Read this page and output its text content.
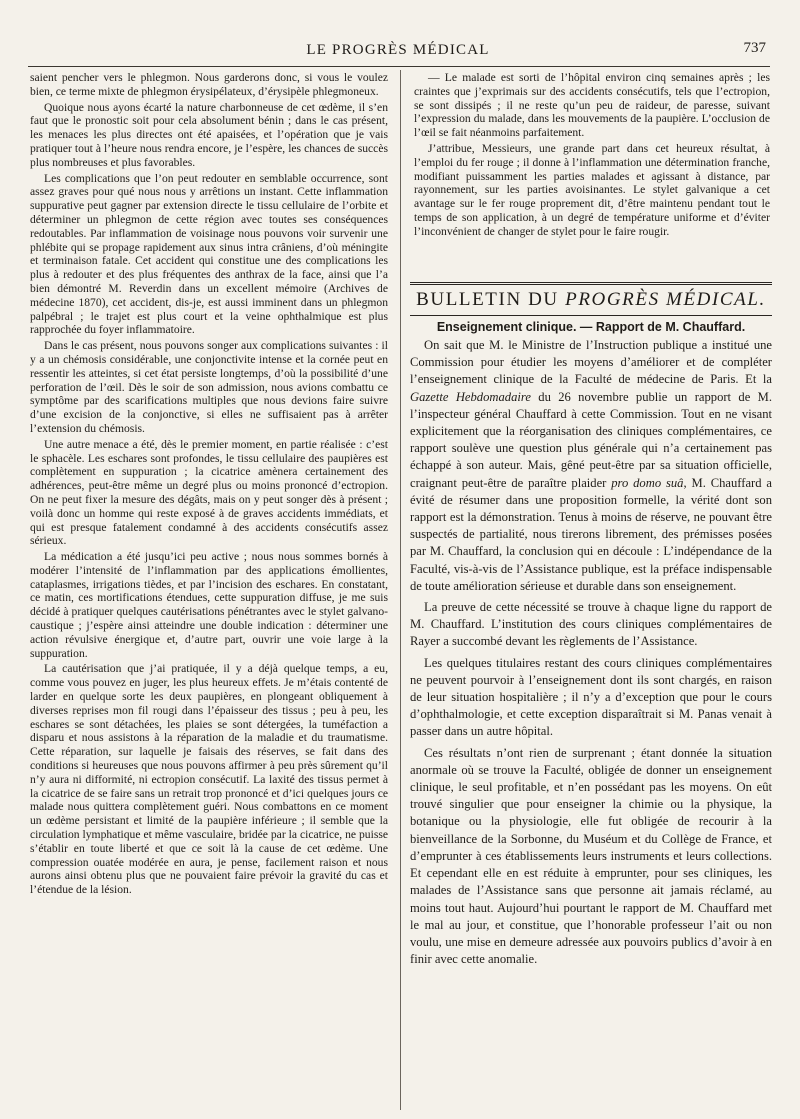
LE PROGRÈS MÉDICAL	737

saient pencher vers le phlegmon. Nous garderons donc, si vous le voulez bien, ce terme mixte de phlegmon érysipélateux, d’érysipèle phlegmoneux.

Quoique nous ayons écarté la nature charbonneuse de cet œdème, il s’en faut que le pronostic soit pour cela absolument bénin ; dans le cas présent, les menaces les plus directes ont été apaisées, et l’opération que je vais pratiquer tout à l’heure nous rendra encore, je l’espère, les chances de succès plus nombreuses et plus favorables.

Les complications que l’on peut redouter en semblable occurrence, sont assez graves pour qué nous nous y arrêtions un instant. Cette inflammation suppurative peut gagner par extension directe le tissu cellulaire de l’orbite et déterminer un phlegmon de cette région avec toutes ses conséquences redoutables. Par inflammation de voisinage nous pouvons voir survenir une phlébite qui se propage rapidement aux sinus intra crâniens, d’où méningite et terminaison fatale. Cet accident qui constitue une des complications les plus à redouter et des plus fréquentes des anthrax de la face, ainsi que l’a bien démontré M. Reverdin dans un excellent mémoire (Archives de médecine 1870), cet accident, dis-je, est aussi imminent dans un phlegmon palpébral ; le trajet est plus court et la veine ophthalmique est plus rapprochée du foyer inflammatoire.

Dans le cas présent, nous pouvons songer aux complications suivantes : il y a un chémosis considérable, une conjonctivite intense et la cornée peut en ressentir les atteintes, si cet état persiste longtemps, d’où la possibilité d’une perforation de l’œil. Dès le soir de son admission, nous avions combattu ce symptôme par des scarifications multiples que nous devions faire suivre d’une excision de la conjonctive, si elles ne suffisaient pas à arrêter l’extension du chémosis.

Une autre menace a été, dès le premier moment, en partie réalisée : c’est le sphacèle. Les eschares sont profondes, le tissu cellulaire des paupières est complètement en suppuration ; la cicatrice amènera certainement des adhérences, peut-être même un degré plus ou moins prononcé d’ectropion. On ne peut fixer la mesure des dégâts, mais on y peut songer dès à présent ; voilà donc un homme qui reste exposé à de graves accidents immédiats, et qui est presque fatalement condamné à des accidents consécutifs assez sérieux.

La médication a été jusqu’ici peu active ; nous nous sommes bornés à modérer l’intensité de l’inflammation par des applications émollientes, cataplasmes, irrigations tièdes, et par l’incision des eschares. En constatant, ce matin, ces mortifications étendues, cette suppuration diffuse, je me suis décidé à pratiquer quelques cautérisations pénétrantes avec le stylet galvano-caustique ; j’espère ainsi atteindre une double indication : déterminer une action révulsive énergique et, d’autre part, ouvrir une voie large à la suppuration.

La cautérisation que j’ai pratiquée, il y a déjà quelque temps, a eu, comme vous pouvez en juger, les plus heureux effets. Je m’étais contenté de larder en quelque sorte les deux paupières, en plongeant obliquement à diverses reprises mon fil rougi dans l’épaisseur des tissus ; peu à peu, les eschares se sont détachées, les plaies se sont détergées, la tuméfaction a disparu et nous assistons à la réparation de la maladie et du traumatisme. Cette réparation, sur laquelle je faisais des réserves, se fait dans des conditions si heureuses que nous pouvons affirmer à peu près sûrement qu’il n’y aura ni difformité, ni ectropion consécutif. La laxité des tissus permet à la cicatrice de se faire sans un retrait trop prononcé et d’ici quelques jours ce malade nous quittera complètement guéri. Nous combattons en ce moment un œdème persistant et limité de la paupière inférieure ; il semble que la circulation lymphatique et même vasculaire, bridée par la cicatrice, ne puisse s’établir en toute liberté et que ce soit là la cause de cet œdème. Une compression ouatée modérée en aura, je pense, facilement raison et nous aurons ainsi obtenu plus que ne pouvaient faire prévoir la gravité du cas et l’étendue de la lésion.

— Le malade est sorti de l’hôpital environ cinq semaines après ; les craintes que j’exprimais sur des accidents consécutifs, tels que l’ectropion, se sont dissipés ; il ne reste qu’un peu de raideur, de paresse, suivant l’expression du malade, dans les mouvements de la paupière. L’occlusion de l’œil se fait néanmoins parfaitement.

J’attribue, Messieurs, une grande part dans cet heureux résultat, à l’emploi du fer rouge ; il donne à l’inflammation une détermination franche, modifiant puissamment les parties malades et agissant à distance, par rayonnement, sur les parties avoisinantes. Le stylet galvanique a cet avantage sur le fer rouge proprement dit, d’être maintenu pendant tout le temps de son application, à un degré de température uniforme et d’éviter l’inconvénient de changer de stylet pour le faire rougir.

BULLETIN DU PROGRÈS MÉDICAL.
Enseignement clinique. — Rapport de M. Chauffard.

On sait que M. le Ministre de l’Instruction publique a institué une Commission pour étudier les moyens d’améliorer et de compléter l’enseignement clinique de la Faculté de médecine de Paris. Et la Gazette Hebdomadaire du 26 novembre publie un rapport de M. l’inspecteur général Chauffard à cette Commission. Tout en ne visant explicitement que la réorganisation des cliniques complémentaires, ce rapport soulève une question plus générale qui n’a certainement pas échappé à son auteur. Mais, gêné peut-être par sa situation officielle, craignant peut-être de paraître plaider pro domo suâ, M. Chauffard a évité de résumer dans une proposition formelle, la vérité dont son rapport est la démonstration. Tenus à moins de réserve, ne pouvant être suspectés de partialité, nous tirerons librement, des prémisses posées par M. Chauffard, la conclusion qui en découle : L’indépendance de la Faculté, vis-à-vis de l’Assistance publique, est la préface indispensable de toute amélioration sérieuse et durable dans son enseignement.

La preuve de cette nécessité se trouve à chaque ligne du rapport de M. Chauffard. L’institution des cours cliniques complémentaires de Rayer a succombé devant les règlements de l’Assistance.

Les quelques titulaires restant des cours cliniques complémentaires ne peuvent pourvoir à l’enseignement dont ils sont chargés, en raison de leur situation hospitalière ; il n’y a d’exception que pour le cours d’ophthalmologie, et cette exception disparaîtrait si M. Panas venait à passer dans un autre hôpital.

Ces résultats n’ont rien de surprenant ; étant donnée la situation anormale où se trouve la Faculté, obligée de donner un enseignement clinique, le seul profitable, et n’en possédant pas les moyens. On eût trouvé singulier que pour enseigner la chimie ou la physique, la botanique ou la physiologie, elle fut obligée de recourir à la bienveillance de la Sorbonne, du Muséum et du Collège de France, et d’emprunter à ces établissements leurs instruments et leurs collections. Et cependant elle en est réduite à emprunter, pour ses cliniques, les malades de l’Assistance sans que personne ait jamais réclamé, au moins tout haut. Aujourd’hui pourtant le rapport de M. Chauffard met le mal au jour, et constitue, que l’honorable professeur l’ait ou non voulu, une mise en demeure adressée aux pouvoirs publics d’avoir à en finir avec cette anomalie.
